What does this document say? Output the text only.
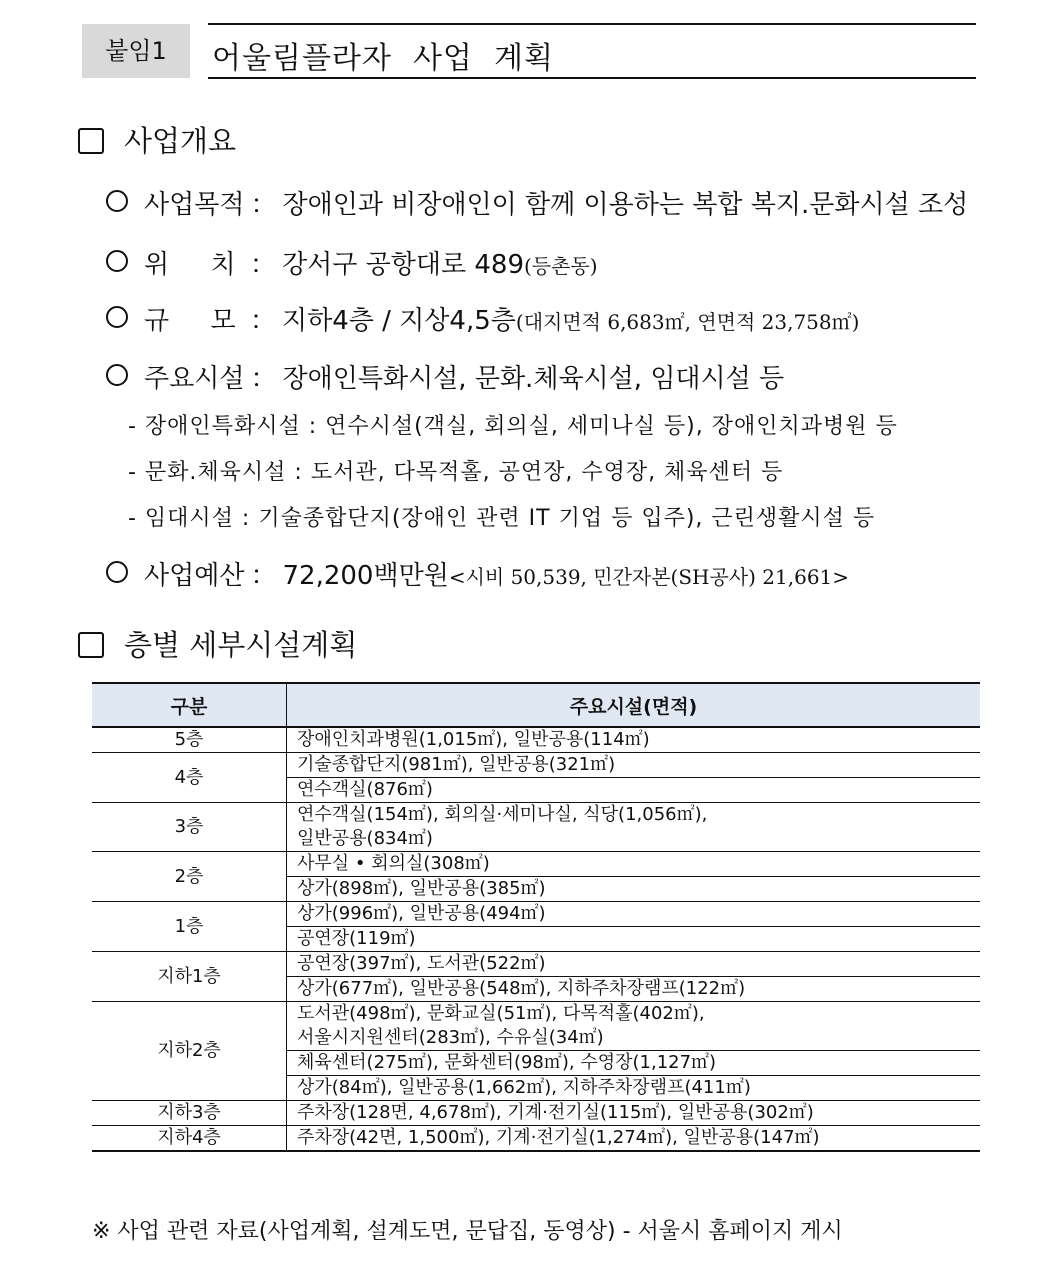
붙임1	어울림플라자  사업  계획
사업개요
사업목적 ： 장애인과 비장애인이 함께 이용하는 복합 복지.문화시설 조성
위     치 ： 강서구 공항대로 489(등촌동)
규     모 ： 지하4층 / 지상4,5층(대지면적 6,683㎡, 연면적 23,758㎡)
주요시설 ： 장애인특화시설, 문화.체육시설, 임대시설 등
- 장애인특화시설 : 연수시설(객실, 회의실, 세미나실 등), 장애인치과병원 등
- 문화.체육시설 : 도서관, 다목적홀, 공연장, 수영장, 체육센터 등
- 임대시설 : 기술종합단지(장애인 관련 IT 기업 등 입주), 근린생활시설 등
사업예산 ： 72,200백만원<시비 50,539, 민간자본(SH공사) 21,661>
층별 세부시설계획
구분	주요시설(면적)
5층	장애인치과병원(1,015㎡), 일반공용(114㎡)
4층	기술종합단지(981㎡), 일반공용(321㎡)
	연수객실(876㎡)
3층	연수객실(154㎡), 회의실·세미나실, 식당(1,056㎡),
일반공용(834㎡)

2층	사무실 • 회의실(308㎡)
	상가(898㎡), 일반공용(385㎡)
1층	상가(996㎡), 일반공용(494㎡)
	공연장(119㎡)
지하1층	공연장(397㎡), 도서관(522㎡)
	상가(677㎡), 일반공용(548㎡), 지하주차장램프(122㎡)
지하2층	도서관(498㎡), 문화교실(51㎡), 다목적홀(402㎡),
서울시지원센터(283㎡), 수유실(34㎡)

	체육센터(275㎡), 문화센터(98㎡), 수영장(1,127㎡)
	상가(84㎡), 일반공용(1,662㎡), 지하주차장램프(411㎡)
지하3층	주차장(128면, 4,678㎡), 기계·전기실(115㎡), 일반공용(302㎡)
지하4층	주차장(42면, 1,500㎡), 기계·전기실(1,274㎡), 일반공용(147㎡)
※ 사업 관련 자료(사업계획, 설계도면, 문답집, 동영상) - 서울시 홈페이지 게시
